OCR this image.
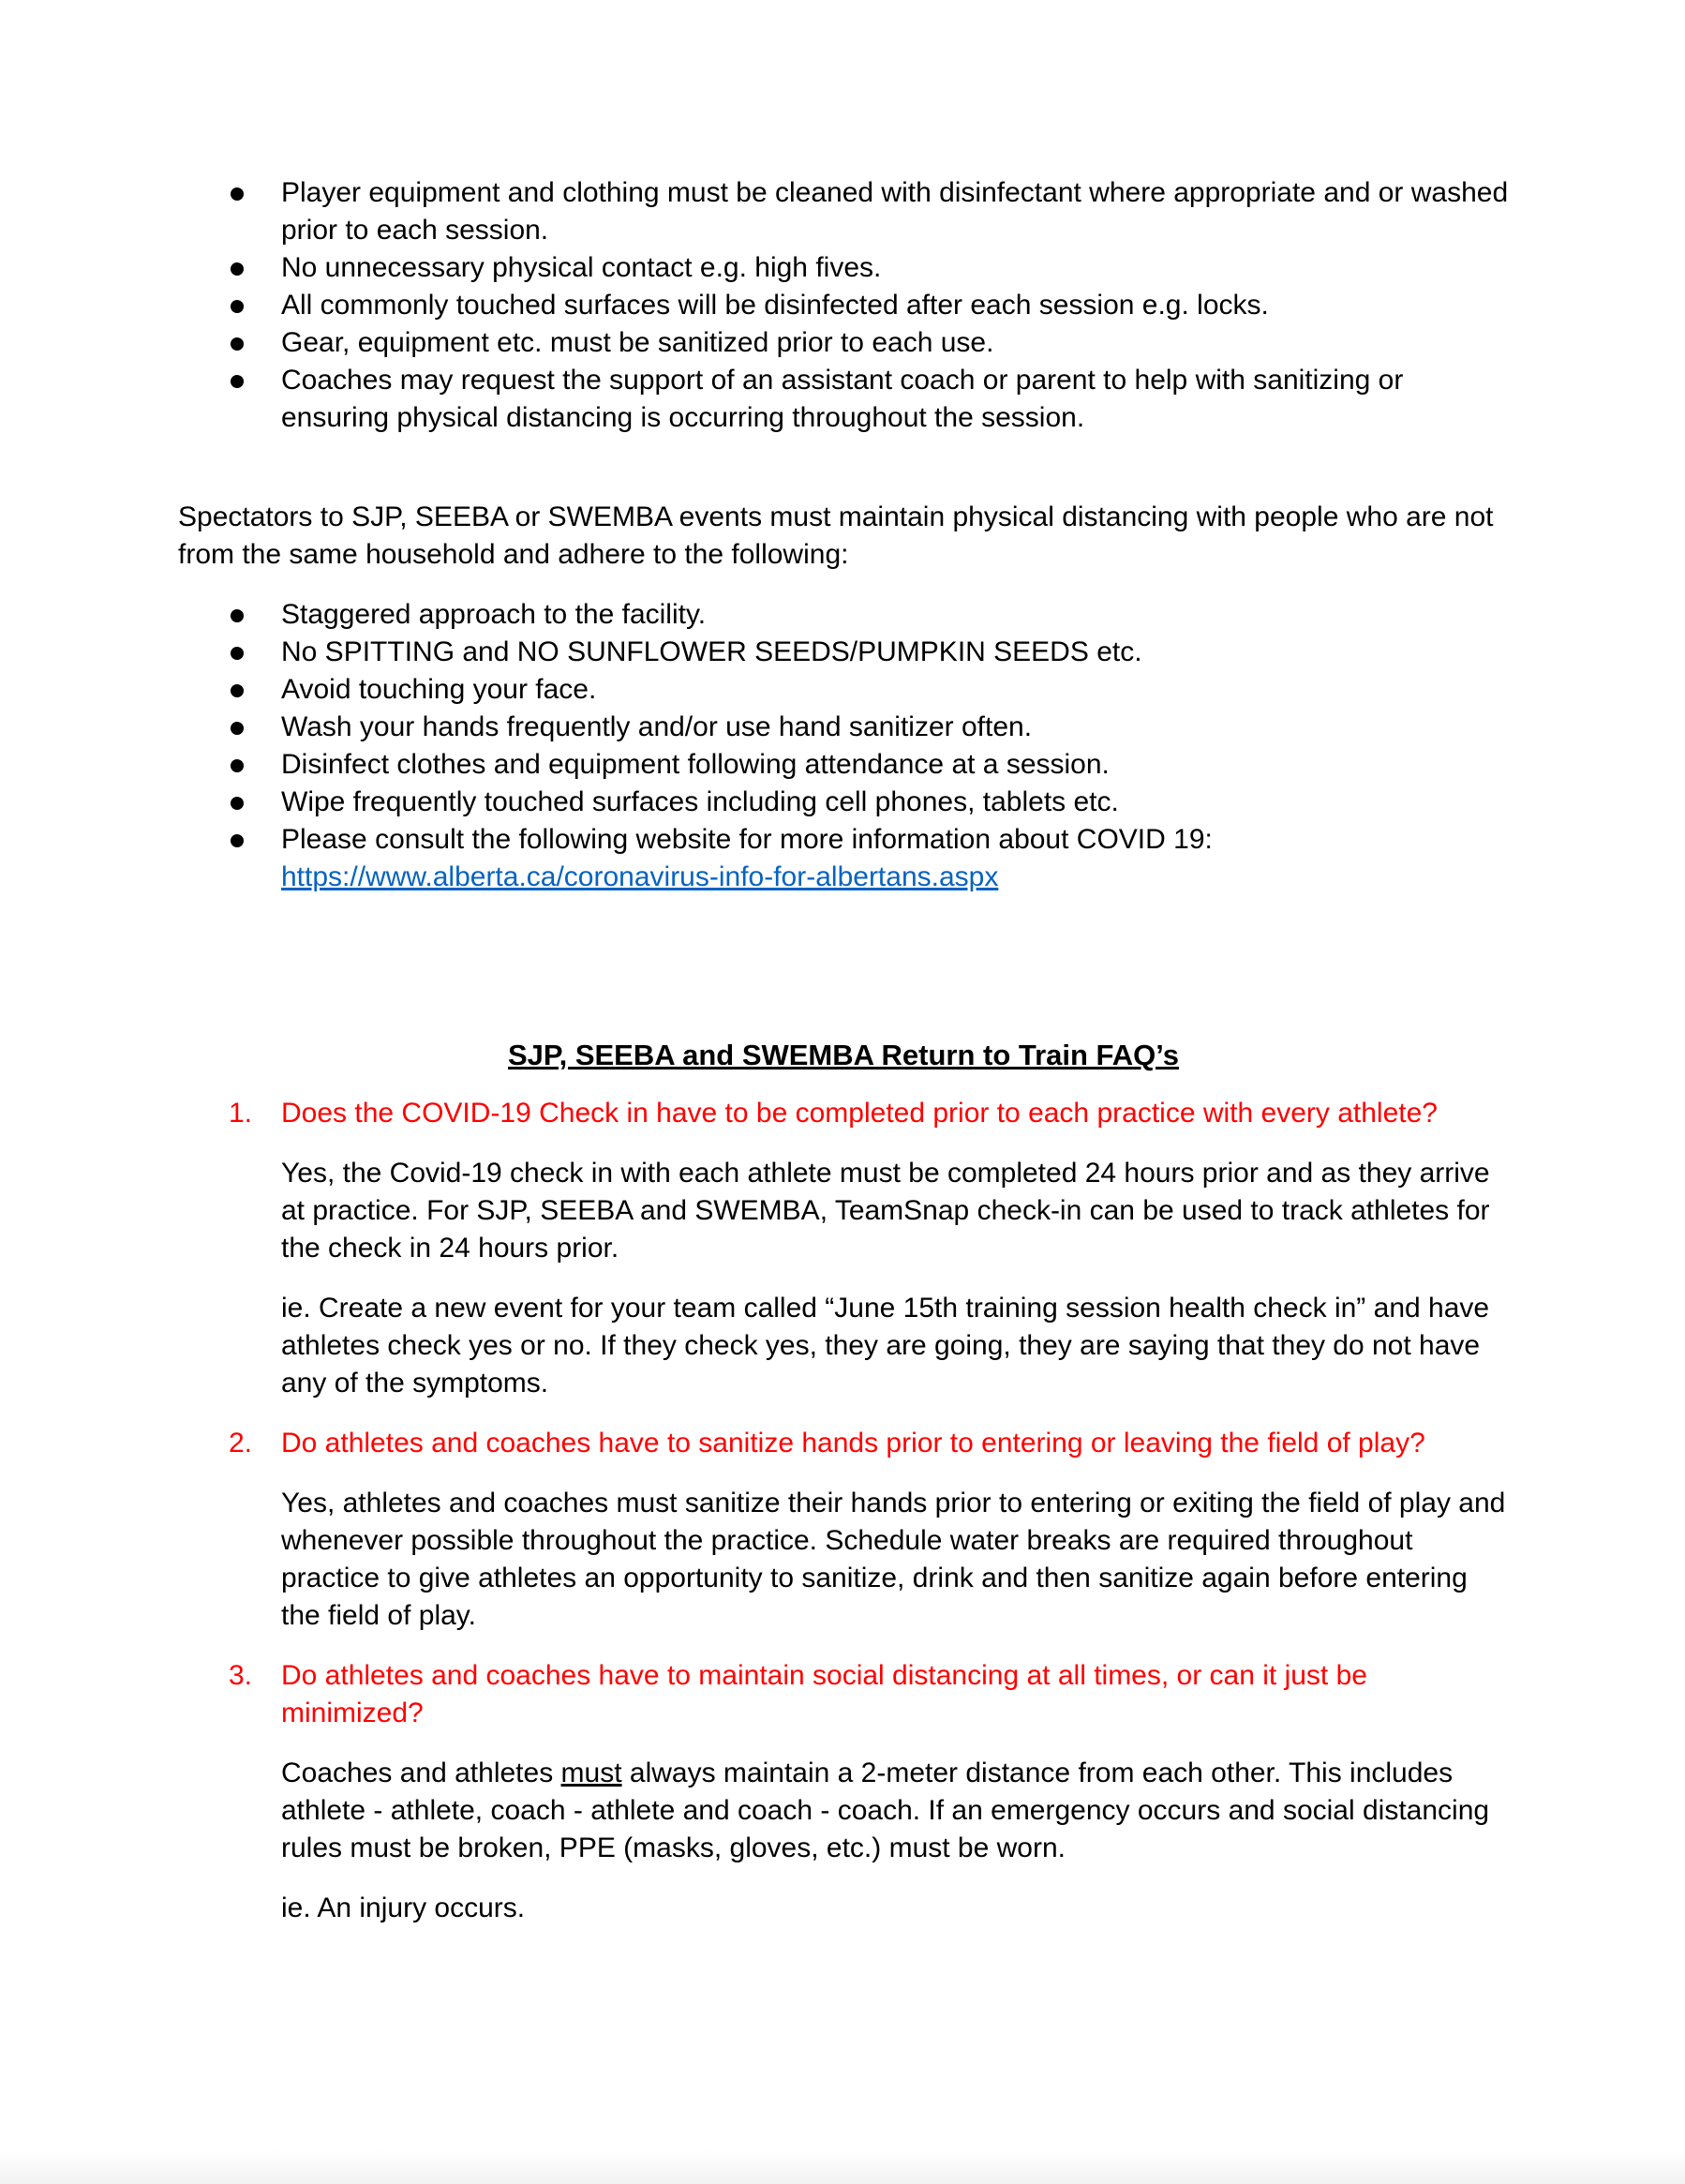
Player equipment and clothing must be cleaned with disinfectant where appropriate and or washed prior to each session.
No unnecessary physical contact e.g. high fives.
All commonly touched surfaces will be disinfected after each session e.g. locks.
Gear, equipment etc. must be sanitized prior to each use.
Coaches may request the support of an assistant coach or parent to help with sanitizing or ensuring physical distancing is occurring throughout the session.

Spectators to SJP, SEEBA or SWEMBA events must maintain physical distancing with people who are not from the same household and adhere to the following:

Staggered approach to the facility.
No SPITTING and NO SUNFLOWER SEEDS/PUMPKIN SEEDS etc.
Avoid touching your face.
Wash your hands frequently and/or use hand sanitizer often.
Disinfect clothes and equipment following attendance at a session.
Wipe frequently touched surfaces including cell phones, tablets etc.
Please consult the following website for more information about COVID 19:  https://www.alberta.ca/coronavirus-info-for-albertans.aspx

SJP, SEEBA and SWEMBA Return to Train FAQ’s

1. Does the COVID-19 Check in have to be completed prior to each practice with every athlete?

Yes, the Covid-19 check in with each athlete must be completed 24 hours prior and as they arrive at practice. For SJP, SEEBA and SWEMBA, TeamSnap check-in can be used to track athletes for the check in 24 hours prior.

ie. Create a new event for your team called “June 15th training session health check in” and have athletes check yes or no. If they check yes, they are going, they are saying that they do not have any of the symptoms.

2. Do athletes and coaches have to sanitize hands prior to entering or leaving the field of play?

Yes, athletes and coaches must sanitize their hands prior to entering or exiting the field of play and whenever possible throughout the practice. Schedule water breaks are required throughout practice to give athletes an opportunity to sanitize, drink and then sanitize again before entering the field of play.

3. Do athletes and coaches have to maintain social distancing at all times, or can it just be minimized?

Coaches and athletes must always maintain a 2-meter distance from each other. This includes athlete - athlete, coach - athlete and coach - coach. If an emergency occurs and social distancing rules must be broken, PPE (masks, gloves, etc.) must be worn.

ie. An injury occurs.
